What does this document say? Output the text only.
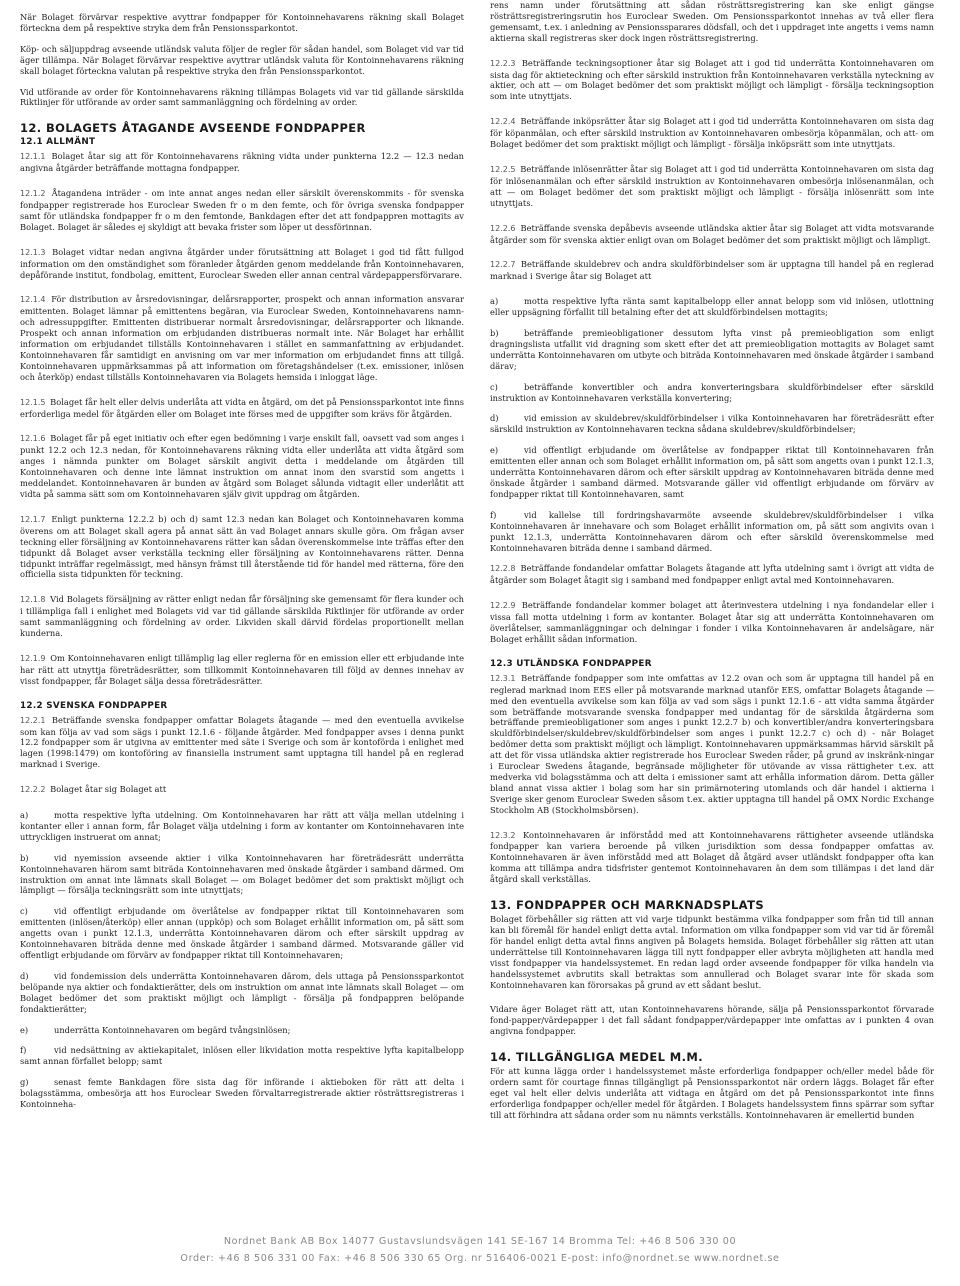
När Bolaget förvärvar respektive avyttrar fondpapper för Kontoinnehavarens räkning skall Bolaget förteckna dem på respektive stryka dem från Pensionssparkontot.

Köp- och säljuppdrag avseende utländsk valuta följer de regler för sådan handel, som Bolaget vid var tid äger tillämpa. När Bolaget förvärvar respektive avyttrar utländsk valuta för Kontoinnehavarens räkning skall bolaget förteckna valutan på respektive stryka den från Pensionssparkontot.

Vid utförande av order för Kontoinnehavarens räkning tillämpas Bolagets vid var tid gällande särskilda Riktlinjer för utförande av order samt sammanläggning och fördelning av order.

12. BOLAGETS ÅTAGANDE AVSEENDE FONDPAPPER
12.1 ALLMÄNT

12.1.1 Bolaget åtar sig att för Kontoinnehavarens räkning vidta under punkterna 12.2 — 12.3 nedan angivna åtgärder beträffande mottagna fondpapper.

12.1.2 Åtagandena inträder - om inte annat anges nedan eller särskilt överenskommits - för svenska fondpapper registrerade hos Euroclear Sweden fr o m den femte, och för övriga svenska fondpapper samt för utländska fondpapper fr o m den femtonde, Bankdagen efter det att fondpappren mottagits av Bolaget. Bolaget är således ej skyldigt att bevaka frister som löper ut dessförinnan.

12.1.3 Bolaget vidtar nedan angivna åtgärder under förutsättning att Bolaget i god tid fått fullgod information om den omständighet som föranleder åtgärden genom meddelande från Kontoinnehavaren, depåförande institut, fondbolag, emittent, Euroclear Sweden eller annan central värdepappersförvarare.

12.1.4 För distribution av årsredovisningar, delårsrapporter, prospekt och annan information ansvarar emittenten. Bolaget lämnar på emittentens begäran, via Euroclear Sweden, Kontoinnehavarens namn- och adressuppgifter. Emittenten distribuerar normalt årsredovisningar, delårsrapporter och liknande. Prospekt och annan information om erbjudanden distribueras normalt inte. När Bolaget har erhållit information om erbjudandet tillställs Kontoinnehavaren i stället en sammanfattning av erbjudandet. Kontoinnehavaren får samtidigt en anvisning om var mer information om erbjudandet finns att tillgå. Kontoinnehavaren uppmärksammas på att information om företagshändelser (t.ex. emissioner, inlösen och återköp) endast tillställs Kontoinnehavaren via Bolagets hemsida i inloggat läge.

12.1.5 Bolaget får helt eller delvis underlåta att vidta en åtgärd, om det på Pensionssparkontot inte finns erforderliga medel för åtgärden eller om Bolaget inte förses med de uppgifter som krävs för åtgärden.

12.1.6 Bolaget får på eget initiativ och efter egen bedömning i varje enskilt fall, oavsett vad som anges i punkt 12.2 och 12.3 nedan, för Kontoinnehavarens räkning vidta eller underlåta att vidta åtgärd som anges i nämnda punkter om Bolaget särskilt angivit detta i meddelande om åtgärden till Kontoinnehavaren och denne inte lämnat instruktion om annat inom den svarstid som angetts i meddelandet. Kontoinnehavaren är bunden av åtgärd som Bolaget sålunda vidtagit eller underlåtit att vidta på samma sätt som om Kontoinnehavaren själv givit uppdrag om åtgärden.

12.1.7 Enligt punkterna 12.2.2 b) och d) samt 12.3 nedan kan Bolaget och Kontoinnehavaren komma överens om att Bolaget skall agera på annat sätt än vad Bolaget annars skulle göra. Om frågan avser teckning eller försäljning av Kontoinnehavarens rätter kan sådan överenskommelse inte träffas efter den tidpunkt då Bolaget avser verkställa teckning eller försäljning av Kontoinnehavarens rätter. Denna tidpunkt inträffar regelmässigt, med hänsyn främst till återstående tid för handel med rätterna, före den officiella sista tidpunkten för teckning.

12.1.8 Vid Bolagets försäljning av rätter enligt nedan får försäljning ske gemensamt för flera kunder och i tillämpliga fall i enlighet med Bolagets vid var tid gällande särskilda Riktlinjer för utförande av order samt sammanläggning och fördelning av order. Likviden skall därvid fördelas proportionellt mellan kunderna.

12.1.9 Om Kontoinnehavaren enligt tillämplig lag eller reglerna för en emission eller ett erbjudande inte har rätt att utnyttja företrädesrätter, som tillkommit Kontoinnehavaren till följd av dennes innehav av visst fondpapper, får Bolaget sälja dessa företrädesrätter.

12.2 SVENSKA FONDPAPPER

12.2.1 Beträffande svenska fondpapper omfattar Bolagets åtagande — med den eventuella avvikelse som kan följa av vad som sägs i punkt 12.1.6 - följande åtgärder. Med fondpapper avses i denna punkt 12.2 fondpapper som är utgivna av emittenter med säte i Sverige och som är kontoförda i enlighet med lagen (1998:1479) om kontoföring av finansiella instrument samt upptagna till handel på en reglerad marknad i Sverige.

12.2.2 Bolaget åtar sig Bolaget att

a)	motta respektive lyfta utdelning. Om Kontoinnehavaren har rätt att välja mellan utdelning i kontanter eller i annan form, får Bolaget välja utdelning i form av kontanter om Kontoinnehavaren inte uttryckligen instruerat om annat;
b)	vid nyemission avseende aktier i vilka Kontoinnehavaren har företrädesrätt underrätta Kontoinnehavaren härom samt biträda Kontoinnehavaren med önskade åtgärder i samband därmed. Om instruktion om annat inte lämnats skall Bolaget — om Bolaget bedömer det som praktiskt möjligt och lämpligt — försälja teckningsrätt som inte utnyttjats;
c)	vid offentligt erbjudande om överlåtelse av fondpapper riktat till Kontoinnehavaren som emittenten (inlösen/återköp) eller annan (uppköp) och som Bolaget erhållit information om, på sätt som angetts ovan i punkt 12.1.3, underrätta Kontoinnehavaren därom och efter särskilt uppdrag av Kontoinnehavaren biträda denne med önskade åtgärder i samband därmed. Motsvarande gäller vid offentligt erbjudande om förvärv av fondpapper riktat till Kontoinnehavaren;
d)	vid fondemission dels underrätta Kontoinnehavaren därom, dels uttaga på Pensionssparkontot belöpande nya aktier och fondaktierätter, dels om instruktion om annat inte lämnats skall Bolaget — om Bolaget bedömer det som praktiskt möjligt och lämpligt - försälja på fondpappren belöpande fondaktierätter;
e)	underrätta Kontoinnehavaren om begärd tvångsinlösen;
f)	vid nedsättning av aktiekapitalet, inlösen eller likvidation motta respektive lyfta kapitalbelopp samt annan förfallet belopp; samt
g)	senast femte Bankdagen före sista dag för införande i aktieboken för rätt att delta i bolagsstämma, ombesörja att hos Euroclear Sweden förvaltarregistrerade aktier rösträttsregistreras i Kontoinneha-

rens namn under förutsättning att sådan rösträttsregistrering kan ske enligt gängse rösträttsregistreringsrutin hos Euroclear Sweden. Om Pensionssparkontot innehas av två eller flera gemensamt, t.ex. i anledning av Pensionssparares dödsfall, och det i uppdraget inte angetts i vems namn aktierna skall registreras sker dock ingen rösträttsregistrering.

12.2.3 Beträffande teckningsoptioner åtar sig Bolaget att i god tid underrätta Kontoinnehavaren om sista dag för aktieteckning och efter särskild instruktion från Kontoinnehavaren verkställa nyteckning av aktier, och att — om Bolaget bedömer det som praktiskt möjligt och lämpligt - försälja teckningsoption som inte utnyttjats.

12.2.4 Beträffande inköpsrätter åtar sig Bolaget att i god tid underrätta Kontoinnehavaren om sista dag för köpanmälan, och efter särskild instruktion av Kontoinnehavaren ombesörja köpanmälan, och att- om Bolaget bedömer det som praktiskt möjligt och lämpligt - försälja inköpsrätt som inte utnyttjats.

12.2.5 Beträffande inlösenrätter åtar sig Bolaget att i god tid underrätta Kontoinnehavaren om sista dag för inlösenanmälan och efter särskild instruktion av Kontoinnehavaren ombesörja inlösenanmälan, och att — om Bolaget bedömer det som praktiskt möjligt och lämpligt - försälja inlösenrätt som inte utnyttjats.

12.2.6 Beträffande svenska depåbevis avseende utländska aktier åtar sig Bolaget att vidta motsvarande åtgärder som för svenska aktier enligt ovan om Bolaget bedömer det som praktiskt möjligt och lämpligt.

12.2.7 Beträffande skuldebrev och andra skuldförbindelser som är upptagna till handel på en reglerad marknad i Sverige åtar sig Bolaget att

a)	motta respektive lyfta ränta samt kapitalbelopp eller annat belopp som vid inlösen, utlottning eller uppsägning förfallit till betalning efter det att skuldförbindelsen mottagits;
b)	beträffande premieobligationer dessutom lyfta vinst på premieobligation som enligt dragningslista utfallit vid dragning som skett efter det att premieobligation mottagits av Bolaget samt underrätta Kontoinnehavaren om utbyte och biträda Kontoinnehavaren med önskade åtgärder i samband därav;
c)	beträffande konvertibler och andra konverteringsbara skuldförbindelser efter särskild instruktion av Kontoinnehavaren verkställa konvertering;
d)	vid emission av skuldebrev/skuldförbindelser i vilka Kontoinnehavaren har företrädesrätt efter särskild instruktion av Kontoinnehavaren teckna sådana skuldebrev/skuldförbindelser;
e)	vid offentligt erbjudande om överlåtelse av fondpapper riktat till Kontoinnehavaren från emittenten eller annan och som Bolaget erhållit information om, på sätt som angetts ovan i punkt 12.1.3, underrätta Kontoinnehavaren därom och efter särskilt uppdrag av Kontoinnehavaren biträda denne med önskade åtgärder i samband därmed. Motsvarande gäller vid offentligt erbjudande om förvärv av fondpapper riktat till Kontoinnehavaren, samt
f)	vid kallelse till fordringshavarmöte avseende skuldebrev/skuldförbindelser i vilka Kontoinnehavaren är innehavare och som Bolaget erhållit information om, på sätt som angivits ovan i punkt 12.1.3, underrätta Kontoinnehavaren därom och efter särskild överenskommelse med Kontoinnehavaren biträda denne i samband därmed.

12.2.8 Beträffande fondandelar omfattar Bolagets åtagande att lyfta utdelning samt i övrigt att vidta de åtgärder som Bolaget åtagit sig i samband med fondpapper enligt avtal med Kontoinnehavaren.

12.2.9 Beträffande fondandelar kommer bolaget att återinvestera utdelning i nya fondandelar eller i vissa fall motta utdelning i form av kontanter. Bolaget åtar sig att underrätta Kontoinnehavaren om överlåtelser, sammanläggningar och delningar i fonder i vilka Kontoinnehavaren är andelsägare, när Bolaget erhållit sådan information.

12.3 UTLÄNDSKA FONDPAPPER

12.3.1 Beträffande fondpapper som inte omfattas av 12.2 ovan och som är upptagna till handel på en reglerad marknad inom EES eller på motsvarande marknad utanför EES, omfattar Bolagets åtagande — med den eventuella avvikelse som kan följa av vad som sägs i punkt 12.1.6 - att vidta samma åtgärder som beträffande motsvarande svenska fondpapper med undantag för de särskilda åtgärderna som beträffande premieobligationer som anges i punkt 12.2.7 b) och konvertibler/andra konverteringsbara skuldförbindelser/skuldebrev/skuldförbindelser som anges i punkt 12.2.7 c) och d) - när Bolaget bedömer detta som praktiskt möjligt och lämpligt. Kontoinnehavaren uppmärksammas härvid särskilt på att det för vissa utländska aktier registrerade hos Euroclear Sweden råder, på grund av inskränk-ningar i Euroclear Swedens åtagande, begränsade möjligheter för utövande av vissa rättigheter t.ex. att medverka vid bolagsstämma och att delta i emissioner samt att erhålla information därom. Detta gäller bland annat vissa aktier i bolag som har sin primärnotering utomlands och där handel i aktierna i Sverige sker genom Euroclear Sweden såsom t.ex. aktier upptagna till handel på OMX Nordic Exchange Stockholm AB (Stockholmsbörsen).

12.3.2 Kontoinnehavaren är införstådd med att Kontoinnehavarens rättigheter avseende utländska fondpapper kan variera beroende på vilken jurisdiktion som dessa fondpapper omfattas av. Kontoinnehavaren är även införstådd med att Bolaget då åtgärd avser utländskt fondpapper ofta kan komma att tillämpa andra tidsfrister gentemot Kontoinnehavaren än dem som tillämpas i det land där åtgärd skall verkställas.

13. FONDPAPPER OCH MARKNADSPLATS

Bolaget förbehåller sig rätten att vid varje tidpunkt bestämma vilka fondpapper som från tid till annan kan bli föremål för handel enligt detta avtal. Information om vilka fondpapper som vid var tid är föremål för handel enligt detta avtal finns angiven på Bolagets hemsida. Bolaget förbehåller sig rätten att utan underrättelse till Kontoinnehavaren lägga till nytt fondpapper eller avbryta möjligheten att handla med visst fondpapper via handelssystemet. En redan lagd order avseende fondpapper för vilka handeln via handelssystemet avbrutits skall betraktas som annullerad och Bolaget svarar inte för skada som Kontoinnehavaren kan förorsakas på grund av ett sådant beslut.

Vidare äger Bolaget rätt att, utan Kontoinnehavarens hörande, sälja på Pensionssparkontot förvarade fond-papper/värdepapper i det fall sådant fondpapper/värdepapper inte omfattas av i punkten 4 ovan angivna fondpapper.

14. TILLGÄNGLIGA MEDEL M.M.

För att kunna lägga order i handelssystemet måste erforderliga fondpapper och/eller medel både för ordern samt för courtage finnas tillgängligt på Pensionssparkontot när ordern läggs. Bolaget får efter eget val helt eller delvis underlåta att vidtaga en åtgärd om det på Pensionssparkontot inte finns erforderliga fondpapper och/eller medel för åtgärden. I Bolagets handelssystem finns spärrar som syftar till att förhindra att sådana order som nu nämnts verkställs. Kontoinnehavaren är emellertid bunden

Nordnet Bank AB Box 14077 Gustavslundsvägen 141 SE-167 14 Bromma Tel: +46 8 506 330 00
Order: +46 8 506 331 00 Fax: +46 8 506 330 65 Org. nr 516406-0021 E-post: info@nordnet.se www.nordnet.se
